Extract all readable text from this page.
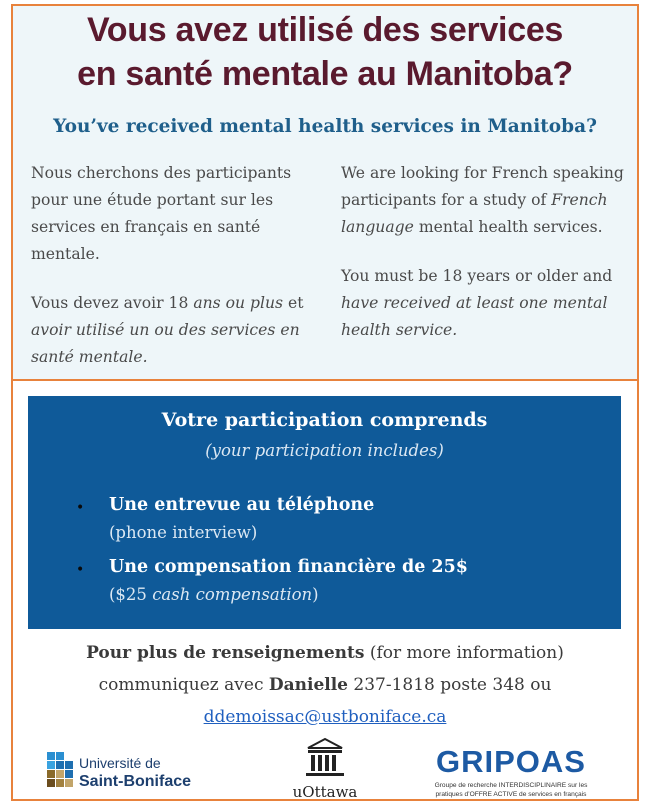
Vous avez utilisé des services
en santé mentale au Manitoba?
You’ve received mental health services in Manitoba?

Nous cherchons des participants pour une étude portant sur les services en français en santé mentale.

Vous devez avoir 18 ans ou plus et avoir utilisé un ou des services en santé mentale.

We are looking for French speaking participants for a study of French language mental health services.

You must be 18 years or older and have received at least one mental health service.

Votre participation comprends
(your participation includes)
• Une entrevue au téléphone
(phone interview)
• Une compensation financière de 25$
($25 cash compensation)
Pour plus de renseignements (for more information)
communiquez avec Danielle 237-1818 poste 348 ou
ddemoissac@ustboniface.ca
Université de
Saint-Boniface
uOttawa
GRIPOAS
Groupe de recherche INTERDISCIPLINAIRE sur les
pratiques d’OFFRE ACTIVE de services en français
